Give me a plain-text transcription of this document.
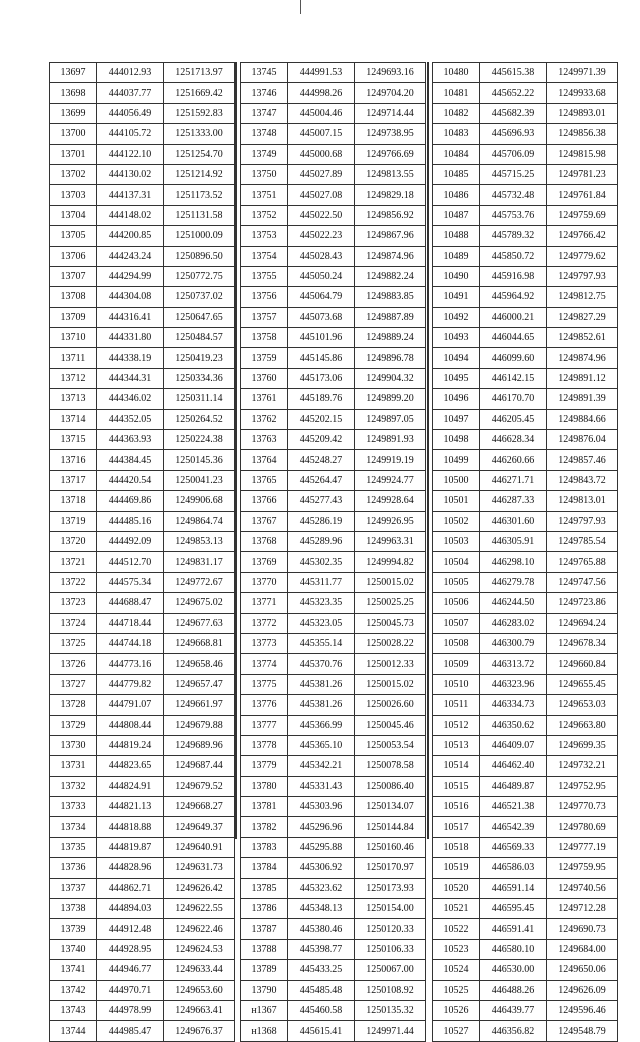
13697	444012.93	1251713.97
13698	444037.77	1251669.42
13699	444056.49	1251592.83
13700	444105.72	1251333.00
13701	444122.10	1251254.70
13702	444130.02	1251214.92
13703	444137.31	1251173.52
13704	444148.02	1251131.58
13705	444200.85	1251000.09
13706	444243.24	1250896.50
13707	444294.99	1250772.75
13708	444304.08	1250737.02
13709	444316.41	1250647.65
13710	444331.80	1250484.57
13711	444338.19	1250419.23
13712	444344.31	1250334.36
13713	444346.02	1250311.14
13714	444352.05	1250264.52
13715	444363.93	1250224.38
13716	444384.45	1250145.36
13717	444420.54	1250041.23
13718	444469.86	1249906.68
13719	444485.16	1249864.74
13720	444492.09	1249853.13
13721	444512.70	1249831.17
13722	444575.34	1249772.67
13723	444688.47	1249675.02
13724	444718.44	1249677.63
13725	444744.18	1249668.81
13726	444773.16	1249658.46
13727	444779.82	1249657.47
13728	444791.07	1249661.97
13729	444808.44	1249679.88
13730	444819.24	1249689.96
13731	444823.65	1249687.44
13732	444824.91	1249679.52
13733	444821.13	1249668.27
13734	444818.88	1249649.37
13735	444819.87	1249640.91
13736	444828.96	1249631.73
13737	444862.71	1249626.42
13738	444894.03	1249622.55
13739	444912.48	1249622.46
13740	444928.95	1249624.53
13741	444946.77	1249633.44
13742	444970.71	1249653.60
13743	444978.99	1249663.41
13744	444985.47	1249676.37
13745	444991.53	1249693.16
13746	444998.26	1249704.20
13747	445004.46	1249714.44
13748	445007.15	1249738.95
13749	445000.68	1249766.69
13750	445027.89	1249813.55
13751	445027.08	1249829.18
13752	445022.50	1249856.92
13753	445022.23	1249867.96
13754	445028.43	1249874.96
13755	445050.24	1249882.24
13756	445064.79	1249883.85
13757	445073.68	1249887.89
13758	445101.96	1249889.24
13759	445145.86	1249896.78
13760	445173.06	1249904.32
13761	445189.76	1249899.20
13762	445202.15	1249897.05
13763	445209.42	1249891.93
13764	445248.27	1249919.19
13765	445264.47	1249924.77
13766	445277.43	1249928.64
13767	445286.19	1249926.95
13768	445289.96	1249963.31
13769	445302.35	1249994.82
13770	445311.77	1250015.02
13771	445323.35	1250025.25
13772	445323.05	1250045.73
13773	445355.14	1250028.22
13774	445370.76	1250012.33
13775	445381.26	1250015.02
13776	445381.26	1250026.60
13777	445366.99	1250045.46
13778	445365.10	1250053.54
13779	445342.21	1250078.58
13780	445331.43	1250086.40
13781	445303.96	1250134.07
13782	445296.96	1250144.84
13783	445295.88	1250160.46
13784	445306.92	1250170.97
13785	445323.62	1250173.93
13786	445348.13	1250154.00
13787	445380.46	1250120.33
13788	445398.77	1250106.33
13789	445433.25	1250067.00
13790	445485.48	1250108.92
н1367	445460.58	1250135.32
н1368	445615.41	1249971.44
10480	445615.38	1249971.39
10481	445652.22	1249933.68
10482	445682.39	1249893.01
10483	445696.93	1249856.38
10484	445706.09	1249815.98
10485	445715.25	1249781.23
10486	445732.48	1249761.84
10487	445753.76	1249759.69
10488	445789.32	1249766.42
10489	445850.72	1249779.62
10490	445916.98	1249797.93
10491	445964.92	1249812.75
10492	446000.21	1249827.29
10493	446044.65	1249852.61
10494	446099.60	1249874.96
10495	446142.15	1249891.12
10496	446170.70	1249891.39
10497	446205.45	1249884.66
10498	446628.34	1249876.04
10499	446260.66	1249857.46
10500	446271.71	1249843.72
10501	446287.33	1249813.01
10502	446301.60	1249797.93
10503	446305.91	1249785.54
10504	446298.10	1249765.88
10505	446279.78	1249747.56
10506	446244.50	1249723.86
10507	446283.02	1249694.24
10508	446300.79	1249678.34
10509	446313.72	1249660.84
10510	446323.96	1249655.45
10511	446334.73	1249653.03
10512	446350.62	1249663.80
10513	446409.07	1249699.35
10514	446462.40	1249732.21
10515	446489.87	1249752.95
10516	446521.38	1249770.73
10517	446542.39	1249780.69
10518	446569.33	1249777.19
10519	446586.03	1249759.95
10520	446591.14	1249740.56
10521	446595.45	1249712.28
10522	446591.41	1249690.73
10523	446580.10	1249684.00
10524	446530.00	1249650.06
10525	446488.26	1249626.09
10526	446439.77	1249596.46
10527	446356.82	1249548.79
